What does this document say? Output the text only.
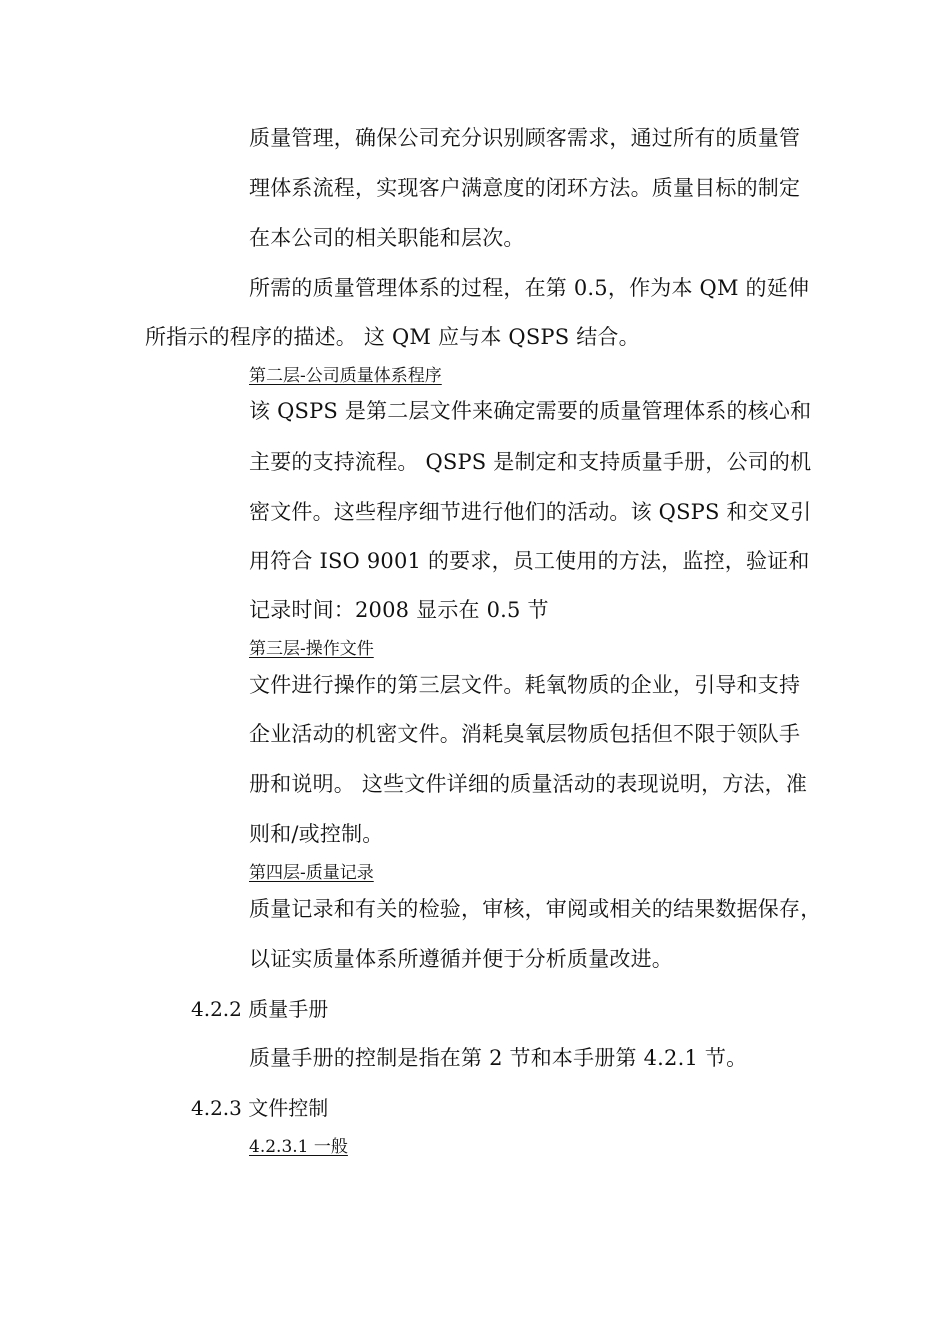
质量管理，确保公司充分识别顾客需求，通过所有的质量管
理体系流程，实现客户满意度的闭环方法。质量目标的制定
在本公司的相关职能和层次。
所需的质量管理体系的过程，在第 0.5，作为本 QM 的延伸
所指示的程序的描述。 这 QM 应与本 QSPS 结合。
第二层-公司质量体系程序
该 QSPS 是第二层文件来确定需要的质量管理体系的核心和
主要的支持流程。 QSPS 是制定和支持质量手册，公司的机
密文件。这些程序细节进行他们的活动。该 QSPS 和交叉引
用符合 ISO 9001 的要求，员工使用的方法，监控，验证和
记录时间：2008 显示在 0.5 节
第三层-操作文件
文件进行操作的第三层文件。耗氧物质的企业，引导和支持
企业活动的机密文件。消耗臭氧层物质包括但不限于领队手
册和说明。 这些文件详细的质量活动的表现说明，方法，准
则和/或控制。
第四层-质量记录
质量记录和有关的检验，审核，审阅或相关的结果数据保存，
以证实质量体系所遵循并便于分析质量改进。
4.2.2 质量手册
质量手册的控制是指在第 2 节和本手册第 4.2.1 节。
4.2.3 文件控制
4.2.3.1 一般
